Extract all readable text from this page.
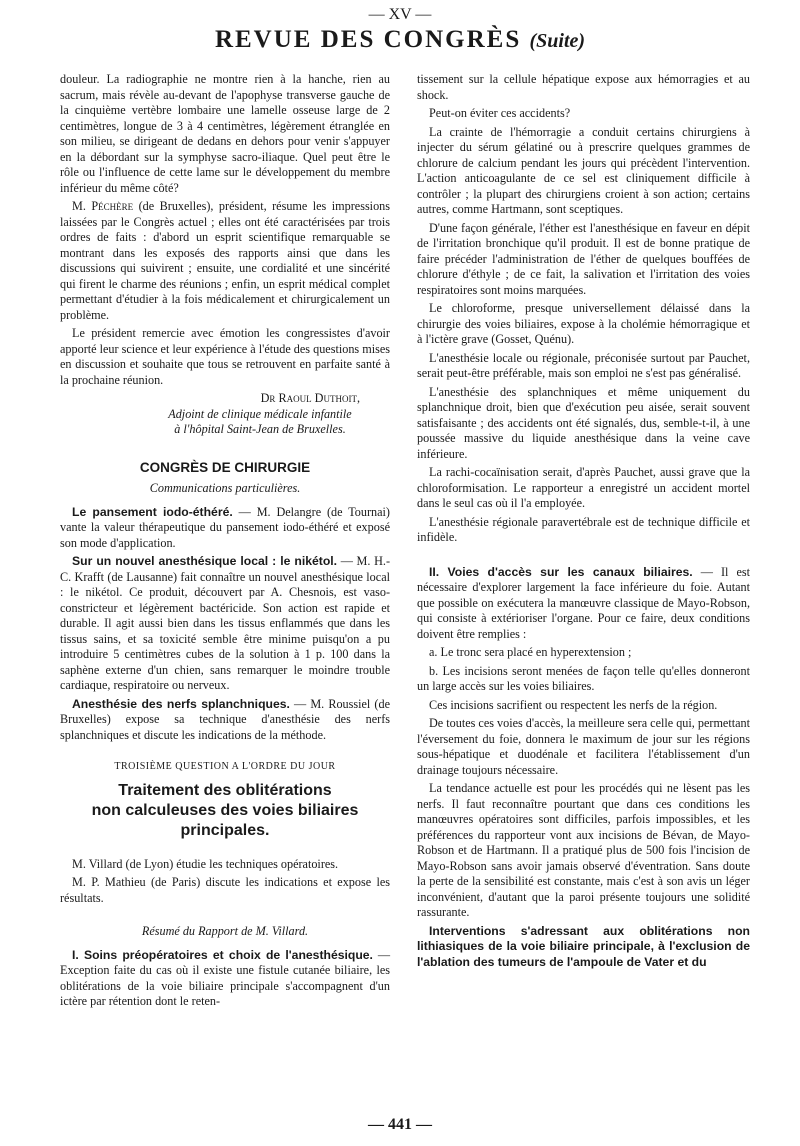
— XV —
REVUE DES CONGRÈS (Suite)

douleur. La radiographie ne montre rien à la hanche, rien au sacrum, mais révèle au-devant de l'apophyse transverse gauche de la cinquième vertèbre lombaire une lamelle osseuse large de 2 centimètres, longue de 3 à 4 centimètres, légèrement étranglée en son milieu, se dirigeant de dedans en dehors pour venir s'appuyer en la débordant sur la symphyse sacro-iliaque. Quel peut être le rôle ou l'influence de cette lame sur le développement du membre inférieur du même côté?

M. Péchère (de Bruxelles), président, résume les impressions laissées par le Congrès actuel ; elles ont été caractérisées par trois ordres de faits : d'abord un esprit scientifique remarquable se montrant dans les exposés des rapports ainsi que dans les discussions qui suivirent ; ensuite, une cordialité et une sincérité qui firent le charme des réunions ; enfin, un esprit médical complet permettant d'étudier à la fois médicalement et chirurgicalement un problème.

Le président remercie avec émotion les congressistes d'avoir apporté leur science et leur expérience à l'étude des questions mises en discussion et souhaite que tous se retrouvent en parfaite santé à la prochaine réunion.

Dr Raoul Duthoit,

Adjoint de clinique médicale infantile

à l'hôpital Saint-Jean de Bruxelles.

CONGRÈS DE CHIRURGIE

Communications particulières.

Le pansement iodo-éthéré. — M. Delangre (de Tournai) vante la valeur thérapeutique du pansement iodo-éthéré et exposé son mode d'application.

Sur un nouvel anesthésique local : le nikétol. — M. H.-C. Krafft (de Lausanne) fait connaître un nouvel anesthésique local : le nikétol. Ce produit, découvert par A. Chesnois, est vaso-constricteur et légèrement bactéricide. Son action est rapide et durable. Il agit aussi bien dans les tissus enflammés que dans les tissus sains, et sa toxicité semble être minime puisqu'on a pu introduire 5 centimètres cubes de la solution à 1 p. 100 dans la saphène externe d'un chien, sans remarquer le moindre trouble cardiaque, respiratoire ou nerveux.

Anesthésie des nerfs splanchniques. — M. Roussiel (de Bruxelles) expose sa technique d'anesthésie des nerfs splanchniques et discute les indications de la méthode.

TROISIÈME QUESTION A L'ORDRE DU JOUR

Traitement des oblitérations
non calculeuses des voies biliaires
principales.

M. Villard (de Lyon) étudie les techniques opératoires.

M. P. Mathieu (de Paris) discute les indications et expose les résultats.

Résumé du Rapport de M. Villard.

I. Soins préopératoires et choix de l'anesthésique. — Exception faite du cas où il existe une fistule cutanée biliaire, les oblitérations de la voie biliaire principale s'accompagnent d'un ictère par rétention dont le reten-

tissement sur la cellule hépatique expose aux hémorragies et au shock.

Peut-on éviter ces accidents?

La crainte de l'hémorragie a conduit certains chirurgiens à injecter du sérum gélatiné ou à prescrire quelques grammes de chlorure de calcium pendant les jours qui précèdent l'intervention. L'action anticoagulante de ce sel est cliniquement difficile à contrôler ; la plupart des chirurgiens croient à son action; certains autres, comme Hartmann, sont sceptiques.

D'une façon générale, l'éther est l'anesthésique en faveur en dépit de l'irritation bronchique qu'il produit. Il est de bonne pratique de faire précéder l'administration de l'éther de quelques bouffées de chlorure d'éthyle ; de ce fait, la salivation et l'irritation des voies respiratoires sont moins marquées.

Le chloroforme, presque universellement délaissé dans la chirurgie des voies biliaires, expose à la cholémie hémorragique et à l'ictère grave (Gosset, Quénu).

L'anesthésie locale ou régionale, préconisée surtout par Pauchet, serait peut-être préférable, mais son emploi ne s'est pas généralisé.

L'anesthésie des splanchniques et même uniquement du splanchnique droit, bien que d'exécution peu aisée, serait souvent satisfaisante ; des accidents ont été signalés, dus, semble-t-il, à une poussée massive du liquide anesthésique dans la veine cave inférieure.

La rachi-cocaïnisation serait, d'après Pauchet, aussi grave que la chloroformisation. Le rapporteur a enregistré un accident mortel dans le seul cas où il l'a employée.

L'anesthésie régionale paravertébrale est de technique difficile et infidèle.

II. Voies d'accès sur les canaux biliaires. — Il est nécessaire d'explorer largement la face inférieure du foie. Autant que possible on exécutera la manœuvre classique de Mayo-Robson, qui consiste à extérioriser l'organe. Pour ce faire, deux conditions doivent être remplies :

a. Le tronc sera placé en hyperextension ;

b. Les incisions seront menées de façon telle qu'elles donneront un large accès sur les voies biliaires.

Ces incisions sacrifient ou respectent les nerfs de la région.

De toutes ces voies d'accès, la meilleure sera celle qui, permettant l'éversement du foie, donnera le maximum de jour sur les régions sous-hépatique et duodénale et facilitera l'établissement d'un drainage toujours nécessaire.

La tendance actuelle est pour les procédés qui ne lèsent pas les nerfs. Il faut reconnaître pourtant que dans ces conditions les manœuvres opératoires sont difficiles, parfois impossibles, et les préférences du rapporteur vont aux incisions de Bévan, de Mayo-Robson et de Hartmann. Il a pratiqué plus de 500 fois l'incision de Mayo-Robson sans avoir jamais observé d'éventration. Sans doute la perte de la sensibilité est constante, mais c'est à son avis un léger inconvénient, d'autant que la paroi présente toujours une solidité rassurante.

Interventions s'adressant aux oblitérations non lithiasiques de la voie biliaire principale, à l'exclusion de l'ablation des tumeurs de l'ampoule de Vater et du

— 441 —
